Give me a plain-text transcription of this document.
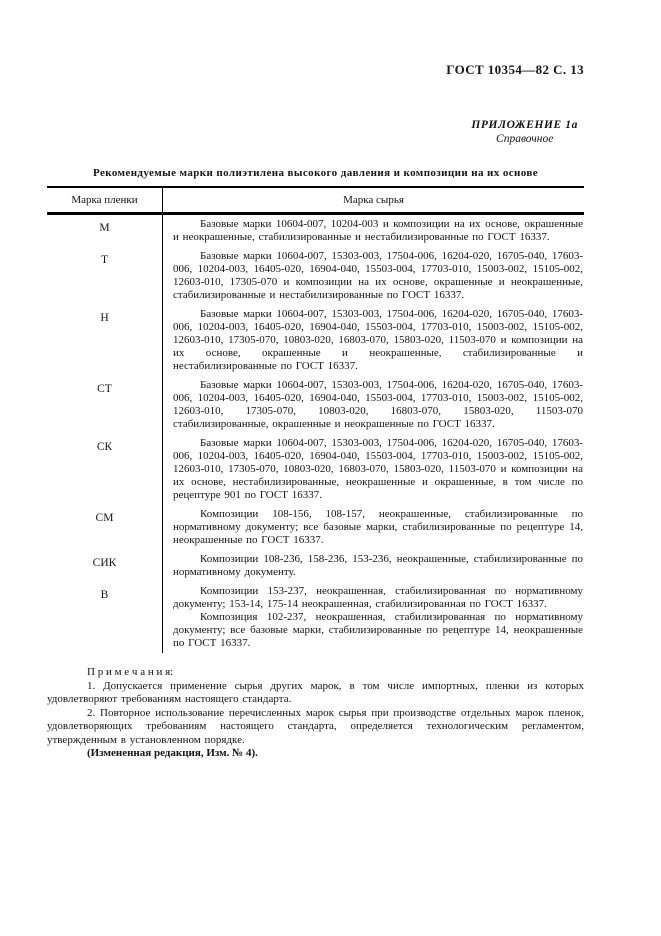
ГОСТ 10354—82 С. 13
ПРИЛОЖЕНИЕ 1а
Справочное
Рекомендуемые марки полиэтилена высокого давления и композиции на их основе
Марка пленки	Марка сырья
М	Базовые марки 10604-007, 10204-003 и композиции на их основе, окрашенные и неокрашенные, стабилизированные и нестабилизированные по ГОСТ 16337.

Т	Базовые марки 10604-007, 15303-003, 17504-006, 16204-020, 16705-040, 17603-006, 10204-003, 16405-020, 16904-040, 15503-004, 17703-010, 15003-002, 15105-002, 12603-010, 17305-070 и композиции на их основе, окрашенные и неокрашенные, стабилизированные и нестабилизированные по ГОСТ 16337.

Н	Базовые марки 10604-007, 15303-003, 17504-006, 16204-020, 16705-040, 17603-006, 10204-003, 16405-020, 16904-040, 15503-004, 17703-010, 15003-002, 15105-002, 12603-010, 17305-070, 10803-020, 16803-070, 15803-020, 11503-070 и композиции на их основе, окрашенные и неокрашенные, стабилизированные и нестабилизированные по ГОСТ 16337.

СТ	Базовые марки 10604-007, 15303-003, 17504-006, 16204-020, 16705-040, 17603-006, 10204-003, 16405-020, 16904-040, 15503-004, 17703-010, 15003-002, 15105-002, 12603-010, 17305-070, 10803-020, 16803-070, 15803-020, 11503-070 стабилизированные, окрашенные и неокрашенные по ГОСТ 16337.

СК	Базовые марки 10604-007, 15303-003, 17504-006, 16204-020, 16705-040, 17603-006, 10204-003, 16405-020, 16904-040, 15503-004, 17703-010, 15003-002, 15105-002, 12603-010, 17305-070, 10803-020, 16803-070, 15803-020, 11503-070 и композиции на их основе, нестабилизированные, неокрашенные и окрашенные, в том числе по рецептуре 901 по ГОСТ 16337.

СМ	Композиции 108-156, 108-157, неокрашенные, стабилизированные по нормативному документу; все базовые марки, стабилизированные по рецептуре 14, неокрашенные по ГОСТ 16337.

СИК	Композиции 108-236, 158-236, 153-236, неокрашенные, стабилизированные по нормативному документу.

В	Композиции 153-237, неокрашенная, стабилизированная по нормативному документу; 153-14, 175-14 неокрашенная, стабилизированная по ГОСТ 16337.

Композиция 102-237, неокрашенная, стабилизированная по нормативному документу; все базовые марки, стабилизированные по рецептуре 14, неокрашенные по ГОСТ 16337.

П р и м е ч а н и я:

1. Допускается применение сырья других марок, в том числе импортных, пленки из которых удовлетворяют требованиям настоящего стандарта.

2. Повторное использование перечисленных марок сырья при производстве отдельных марок пленок, удовлетворяющих требованиям настоящего стандарта, определяется технологическим регламентом, утвержденным в установленном порядке.

(Измененная редакция, Изм. № 4).
